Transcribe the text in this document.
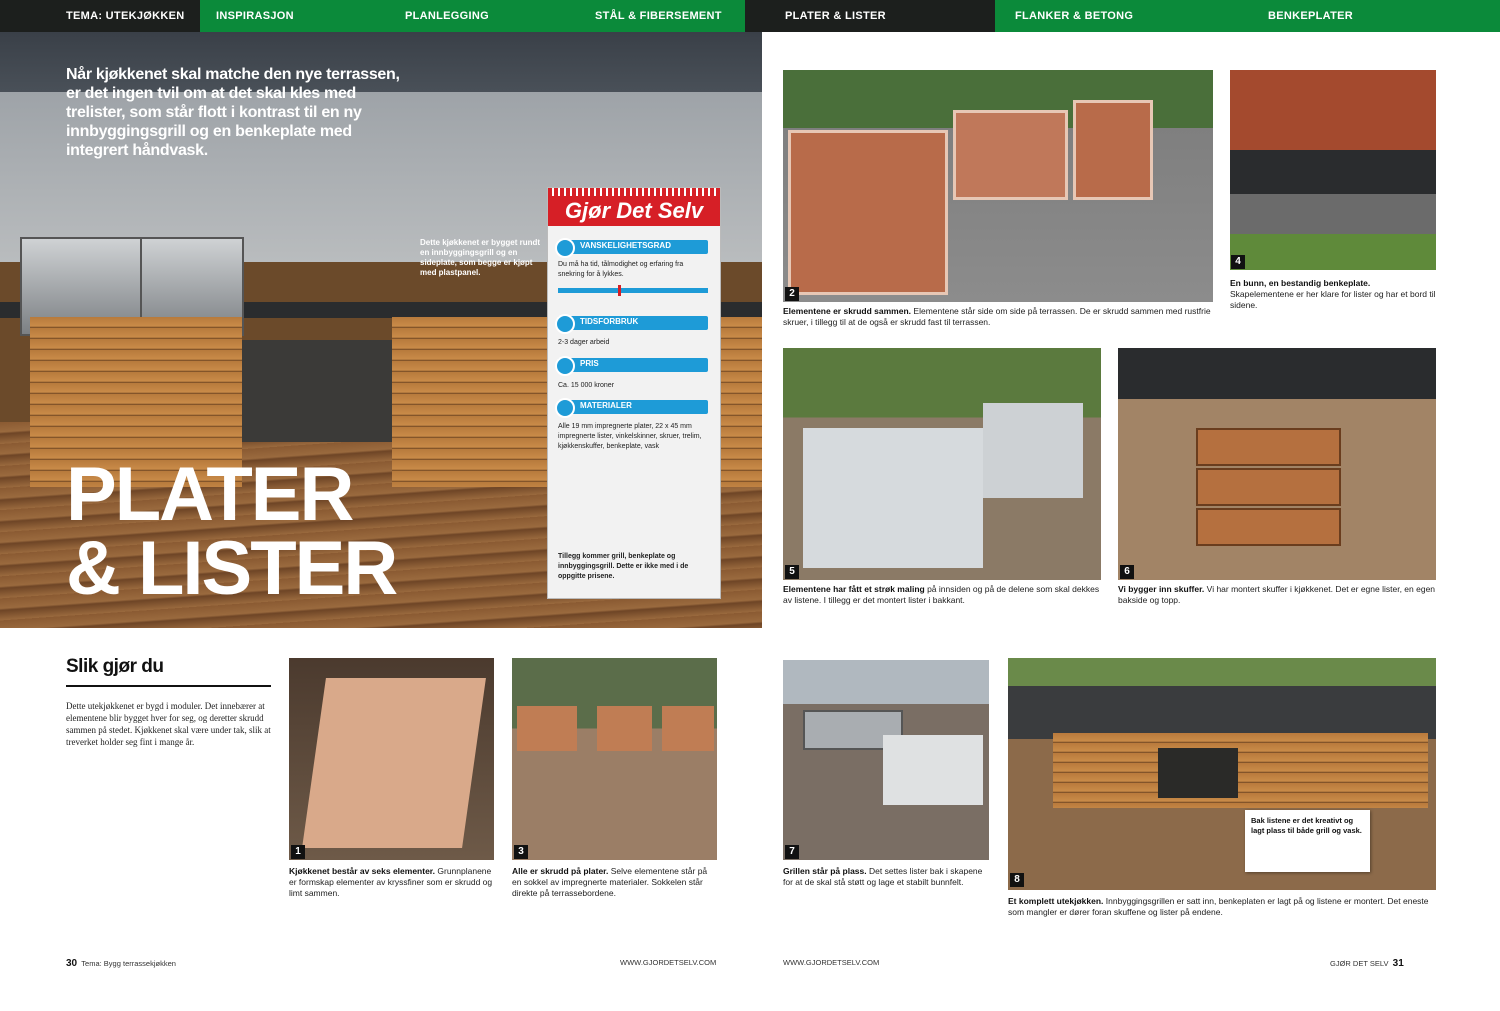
TEMA: UTEKJØKKEN	INSPIRASJON	PLANLEGGING	STÅL & FIBERSEMENT	PLATER & LISTER	FLANKER & BETONG	BENKEPLATER
Når kjøkkenet skal matche den nye terrassen, er det ingen tvil om at det skal kles med trelister, som står flott i kontrast til en ny innbyggingsgrill og en benkeplate med integrert håndvask.
Dette kjøkkenet er bygget rundt en innbyggingsgrill og en sideplate, som begge er kjøpt med plastpanel.
PLATER
& LISTER
Gjør Det Selv
VANSKELIGHETSGRAD
Du må ha tid, tålmodighet og erfaring fra snekring for å lykkes.
TIDSFORBRUK
2-3 dager arbeid
PRIS
Ca. 15 000 kroner
MATERIALER
Alle 19 mm impregnerte plater, 22 x 45 mm impregnerte lister, vinkelskinner, skruer, trelim, kjøkkenskuffer, benkeplate, vask
Tillegg kommer grill, benkeplate og innbyggingsgrill. Dette er ikke med i de oppgitte prisene.
2
Elementene er skrudd sammen. Elementene står side om side på terrassen. De er skrudd sammen med rustfrie skruer, i tillegg til at de også er skrudd fast til terrassen.
4
En bunn, en bestandig benkeplate. Skapelementene er her klare for lister og har et bord til sidene.
5
Elementene har fått et strøk maling på innsiden og på de delene som skal dekkes av listene. I tillegg er det montert lister i bakkant.
6
Vi bygger inn skuffer. Vi har montert skuffer i kjøkkenet. Det er egne lister, en egen bakside og topp.
Slik gjør du
Dette utekjøkkenet er bygd i moduler. Det innebærer at elementene blir bygget hver for seg, og deretter skrudd sammen på stedet. Kjøkkenet skal være under tak, slik at treverket holder seg fint i mange år.
1
Kjøkkenet består av seks elementer. Grunnplanene er formskap elementer av kryssfiner som er skrudd og limt sammen.
3
Alle er skrudd på plater. Selve elementene står på en sokkel av impregnerte materialer. Sokkelen står direkte på terrassebordene.
7
Grillen står på plass. Det settes lister bak i skapene for at de skal stå støtt og lage et stabilt bunnfelt.	8
Bak listene er det kreativt og lagt plass til både grill og vask.
Et komplett utekjøkken. Innbyggingsgrillen er satt inn, benkeplaten er lagt på og listene er montert. Det eneste som mangler er dører foran skuffene og lister på endene.
30 Tema: Bygg terrassekjøkken	WWW.GJORDETSELV.COM	WWW.GJORDETSELV.COM	GJØR DET SELV 31
